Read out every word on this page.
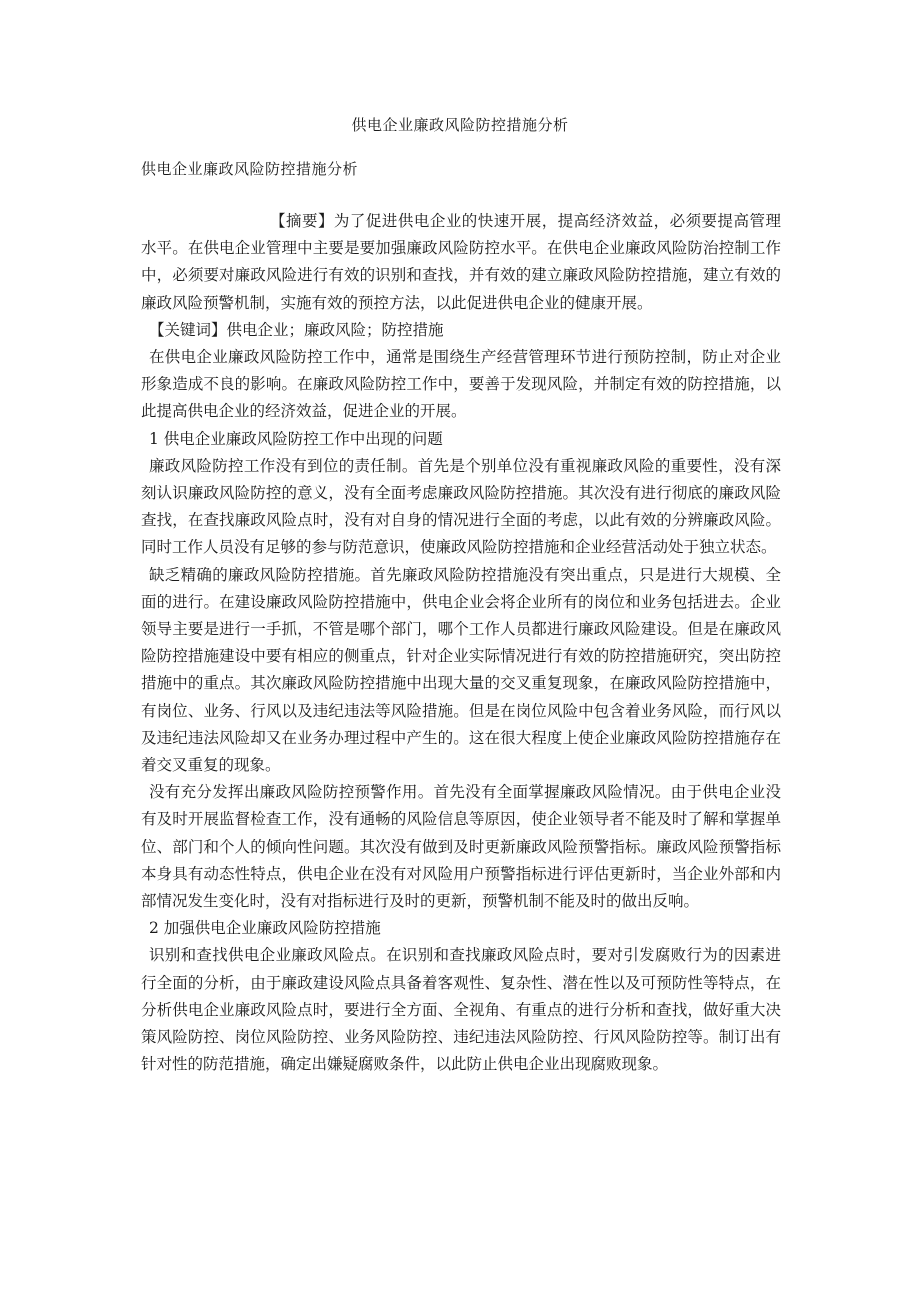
供电企业廉政风险防控措施分析
供电企业廉政风险防控措施分析

【摘要】为了促进供电企业的快速开展，提高经济效益，必须要提高管理水平。在供电企业管理中主要是要加强廉政风险防控水平。在供电企业廉政风险防治控制工作中，必须要对廉政风险进行有效的识别和查找，并有效的建立廉政风险防控措施，建立有效的廉政风险预警机制，实施有效的预控方法，以此促进供电企业的健康开展。

【关键词】供电企业；廉政风险；防控措施

在供电企业廉政风险防控工作中，通常是围绕生产经营管理环节进行预防控制，防止对企业形象造成不良的影响。在廉政风险防控工作中，要善于发现风险，并制定有效的防控措施，以此提高供电企业的经济效益，促进企业的开展。

1 供电企业廉政风险防控工作中出现的问题

廉政风险防控工作没有到位的责任制。首先是个别单位没有重视廉政风险的重要性，没有深刻认识廉政风险防控的意义，没有全面考虑廉政风险防控措施。其次没有进行彻底的廉政风险查找，在查找廉政风险点时，没有对自身的情况进行全面的考虑，以此有效的分辨廉政风险。同时工作人员没有足够的参与防范意识，使廉政风险防控措施和企业经营活动处于独立状态。

缺乏精确的廉政风险防控措施。首先廉政风险防控措施没有突出重点，只是进行大规模、全面的进行。在建设廉政风险防控措施中，供电企业会将企业所有的岗位和业务包括进去。企业领导主要是进行一手抓，不管是哪个部门，哪个工作人员都进行廉政风险建设。但是在廉政风险防控措施建设中要有相应的侧重点，针对企业实际情况进行有效的防控措施研究，突出防控措施中的重点。其次廉政风险防控措施中出现大量的交叉重复现象，在廉政风险防控措施中，有岗位、业务、行风以及违纪违法等风险措施。但是在岗位风险中包含着业务风险，而行风以及违纪违法风险却又在业务办理过程中产生的。这在很大程度上使企业廉政风险防控措施存在着交叉重复的现象。

没有充分发挥出廉政风险防控预警作用。首先没有全面掌握廉政风险情况。由于供电企业没有及时开展监督检查工作，没有通畅的风险信息等原因，使企业领导者不能及时了解和掌握单位、部门和个人的倾向性问题。其次没有做到及时更新廉政风险预警指标。廉政风险预警指标本身具有动态性特点，供电企业在没有对风险用户预警指标进行评估更新时，当企业外部和内部情况发生变化时，没有对指标进行及时的更新，预警机制不能及时的做出反响。

2 加强供电企业廉政风险防控措施

识别和查找供电企业廉政风险点。在识别和查找廉政风险点时，要对引发腐败行为的因素进行全面的分析，由于廉政建设风险点具备着客观性、复杂性、潜在性以及可预防性等特点，在分析供电企业廉政风险点时，要进行全方面、全视角、有重点的进行分析和查找，做好重大决策风险防控、岗位风险防控、业务风险防控、违纪违法风险防控、行风风险防控等。制订出有针对性的防范措施，确定出嫌疑腐败条件，以此防止供电企业出现腐败现象。
